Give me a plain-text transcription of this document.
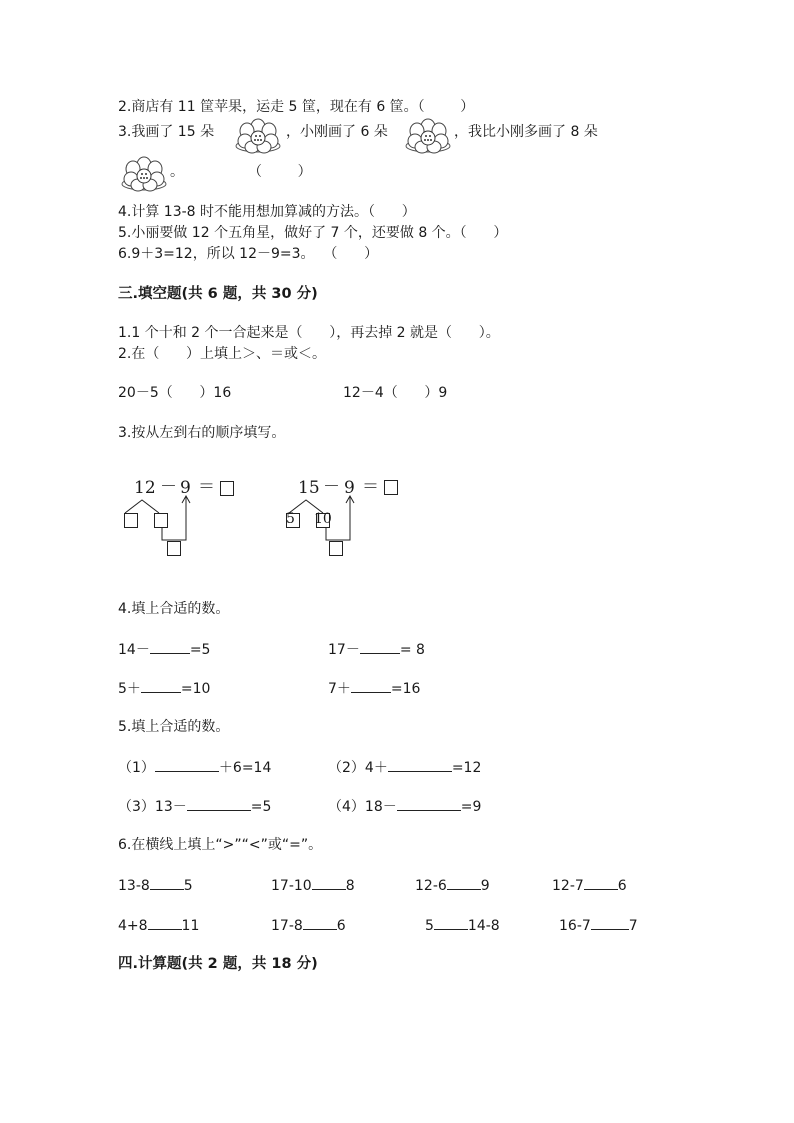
2.商店有 11 筐苹果，运走 5 筐，现在有 6 筐。（        ）
3.我画了 15 朵	，小刚画了 6 朵	，我比小刚多画了 8 朵
。	（        ）
4.计算 13-8 时不能用想加算减的方法。（      ）
5.小丽要做 12 个五角星，做好了 7 个，还要做 8 个。（      ）
6.9＋3=12，所以 12－9=3。  （      ）
三.填空题(共 6 题，共 30 分)
1.1 个十和 2 个一合起来是（      ），再去掉 2 就是（      ）。
2.在（      ）上填上＞、＝或＜。
20－5（      ）16	12－4（      ）9
3.按从左到右的顺序填写。
12 － 9 ＝	15 － 9 ＝
5 10
4.填上合适的数。
14－	=5	17－	= 8
5＋	=10	7＋	=16
5.填上合适的数。
（1）	＋6=14	（2）4＋	=12
（3）13－	=5	（4）18－	=9
6.在横线上填上“>”“<”或“=”。
13-8 5	17-10 8	12-6 9	12-7 6
4+8 11	17-8 6	5 14-8	16-7	7
四.计算题(共 2 题，共 18 分)
